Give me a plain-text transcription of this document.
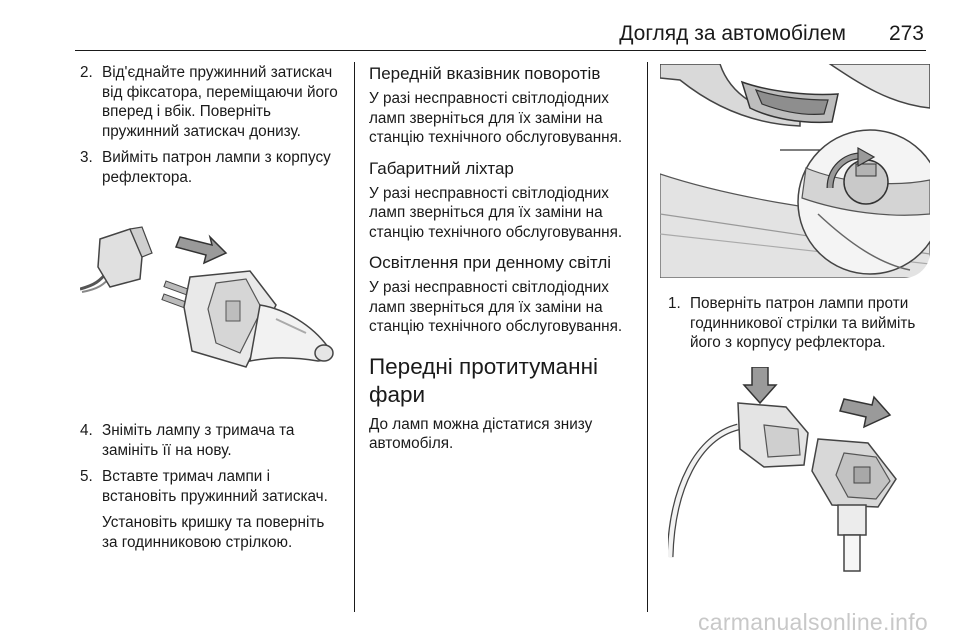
Догляд за автомобілем 273
2. Від'єднайте пружинний затискач від фіксатора, переміщаючи його вперед і вбік. Поверніть пружинний затискач донизу.
3. Вийміть патрон лампи з корпусу рефлектора.
4. Зніміть лампу з тримача та замініть її на нову.
5. Вставте тримач лампи і встановіть пружинний затискач.

Установіть кришку та поверніть за годинниковою стрілкою.

Передній вказівник поворотів

У разі несправності світлодіодних ламп зверніться для їх заміни на станцію технічного обслуговування.

Габаритний ліхтар

У разі несправності світлодіодних ламп зверніться для їх заміни на станцію технічного обслуговування.

Освітлення при денному світлі

У разі несправності світлодіодних ламп зверніться для їх заміни на станцію технічного обслуговування.

Передні протитуманні фари

До ламп можна дістатися знизу автомобіля.

1. Поверніть патрон лампи проти годинникової стрілки та вийміть його з корпусу рефлектора.
carmanualsonline.info
